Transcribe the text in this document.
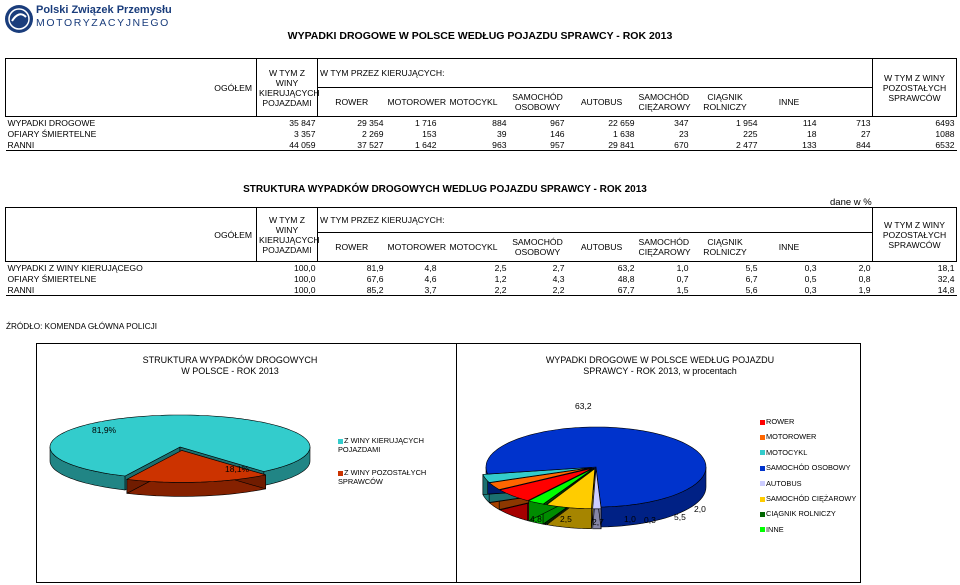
Polski Związek Przemysłu
MOTORYZACYJNEGO
WYPADKI DROGOWE W POLSCE WEDŁUG POJAZDU SPRAWCY - ROK 2013
OGÓŁEM	W TYM Z WINY KIERUJĄCYCH POJAZDAMI	W TYM PRZEZ KIERUJĄCYCH:									W TYM Z WINY POZOSTAŁYCH SPRAWCÓW
		ROWER	MOTOROWER	MOTOCYKL	SAMOCHÓD OSOBOWY	AUTOBUS	SAMOCHÓD CIĘŻAROWY	CIĄGNIK ROLNICZY	INNE		
WYPADKI DROGOWE	35 847	29 354	1 716	884	967	22 659	347	1 954	114	713	6493
OFIARY ŚMIERTELNE	3 357	2 269	153	39	146	1 638	23	225	18	27	1088
RANNI	44 059	37 527	1 642	963	957	29 841	670	2 477	133	844	6532
STRUKTURA WYPADKÓW DROGOWYCH WEDLUG POJAZDU SPRAWCY - ROK 2013
dane w %
OGÓŁEM	W TYM Z WINY KIERUJĄCYCH POJAZDAMI	W TYM PRZEZ KIERUJĄCYCH:									W TYM Z WINY POZOSTAŁYCH SPRAWCÓW
		ROWER	MOTOROWER	MOTOCYKL	SAMOCHÓD OSOBOWY	AUTOBUS	SAMOCHÓD CIĘŻAROWY	CIĄGNIK ROLNICZY	INNE		
WYPADKI Z WINY KIERUJĄCEGO	100,0	81,9	4,8	2,5	2,7	63,2	1,0	5,5	0,3	2,0	18,1
OFIARY ŚMIERTELNE	100,0	67,6	4,6	1,2	4,3	48,8	0,7	6,7	0,5	0,8	32,4
RANNI	100,0	85,2	3,7	2,2	2,2	67,7	1,5	5,6	0,3	1,9	14,8
ŹRÓDŁO: KOMENDA GŁÓWNA POLICJI
STRUKTURA WYPADKÓW DROGOWYCH W POLSCE - ROK 2013
WYPADKI DROGOWE W POLSCE WEDŁUG POJAZDU SPRAWCY - ROK 2013, w procentach
81,9%
18,1%
Z WINY KIERUJĄCYCH POJAZDAMI
Z WINY POZOSTAŁYCH SPRAWCÓW
4,8 2,5 2,7 1,0	5,5
0,3
2,0
63,2
ROWER
MOTOROWER
MOTOCYKL
SAMOCHÓD OSOBOWY
AUTOBUS
SAMOCHÓD CIĘŻAROWY
CIĄGNIK ROLNICZY
INNE
